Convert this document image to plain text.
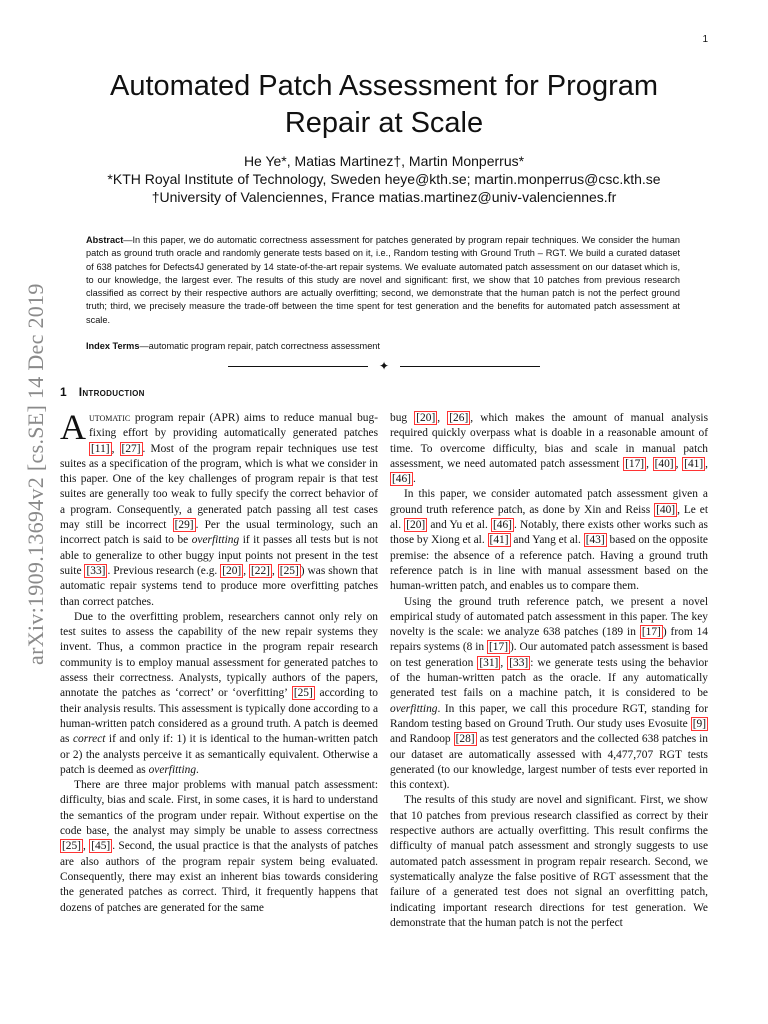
1
arXiv:1909.13694v2 [cs.SE] 14 Dec 2019
Automated Patch Assessment for Program
Repair at Scale
He Ye*, Matias Martinez†, Martin Monperrus*
*KTH Royal Institute of Technology, Sweden heye@kth.se; martin.monperrus@csc.kth.se
†University of Valenciennes, France matias.martinez@univ-valenciennes.fr

Abstract—In this paper, we do automatic correctness assessment for patches generated by program repair techniques. We consider the human patch as ground truth oracle and randomly generate tests based on it, i.e., Random testing with Ground Truth – RGT. We build a curated dataset of 638 patches for Defects4J generated by 14 state-of-the-art repair systems. We evaluate automated patch assessment on our dataset which is, to our knowledge, the largest ever. The results of this study are novel and significant: first, we show that 10 patches from previous research classified as correct by their respective authors are actually overfitting; second, we demonstrate that the human patch is not the perfect ground truth; third, we precisely measure the trade-off between the time spent for test generation and the benefits for automated patch assessment at scale.

Index Terms—automatic program repair, patch correctness assessment

✦
1 Introduction

Automatic program repair (APR) aims to reduce manual bug-fixing effort by providing automatically generated patches [11] , [27] . Most of the program repair techniques use test suites as a specification of the program, which is what we consider in this paper. One of the key challenges of program repair is that test suites are generally too weak to fully specify the correct behavior of a program. Consequently, a generated patch passing all test cases may still be incorrect [29] . Per the usual terminology, such an incorrect patch is said to be overfitting if it passes all tests but is not able to generalize to other buggy input points not present in the test suite [33] . Previous research (e.g. [20] , [22] , [25] ) was shown that automatic repair systems tend to produce more overfitting patches than correct patches.

Due to the overfitting problem, researchers cannot only rely on test suites to assess the capability of the new repair systems they invent. Thus, a common practice in the program repair research community is to employ manual assessment for generated patches to assess their correctness. Analysts, typically authors of the papers, annotate the patches as ‘correct’ or ‘overfitting’ [25] according to their analysis results. This assessment is typically done according to a human-written patch considered as a ground truth. A patch is deemed as correct if and only if: 1) it is identical to the human-written patch or 2) the analysts perceive it as semantically equivalent. Otherwise a patch is deemed as overfitting.

There are three major problems with manual patch assessment: difficulty, bias and scale. First, in some cases, it is hard to understand the semantics of the program under repair. Without expertise on the code base, the analyst may simply be unable to assess correctness [25] , [45] . Second, the usual practice is that the analysts of patches are also authors of the program repair system being evaluated. Consequently, there may exist an inherent bias towards considering the generated patches as correct. Third, it frequently happens that dozens of patches are generated for the same

bug [20] , [26] , which makes the amount of manual analysis required quickly overpass what is doable in a reasonable amount of time. To overcome difficulty, bias and scale in manual patch assessment, we need automated patch assessment [17] , [40] , [41] , [46] .

In this paper, we consider automated patch assessment given a ground truth reference patch, as done by Xin and Reiss [40] , Le et al. [20] and Yu et al. [46] . Notably, there exists other works such as those by Xiong et al. [41] and Yang et al. [43] based on the opposite premise: the absence of a reference patch. Having a ground truth reference patch is in line with manual assessment based on the human-written patch, and enables us to compare them.

Using the ground truth reference patch, we present a novel empirical study of automated patch assessment in this paper. The key novelty is the scale: we analyze 638 patches (189 in [17] ) from 14 repairs systems (8 in [17] ). Our automated patch assessment is based on test generation [31] , [33] : we generate tests using the behavior of the human-written patch as the oracle. If any automatically generated test fails on a machine patch, it is considered to be overfitting. In this paper, we call this procedure RGT, standing for Random testing based on Ground Truth. Our study uses Evosuite [9] and Randoop [28] as test generators and the collected 638 patches in our dataset are automatically assessed with 4,477,707 RGT tests generated (to our knowledge, largest number of tests ever reported in this context).

The results of this study are novel and significant. First, we show that 10 patches from previous research classified as correct by their respective authors are actually overfitting. This result confirms the difficulty of manual patch assessment and strongly suggests to use automated patch assessment in program repair research. Second, we systematically analyze the false positive of RGT assessment that the failure of a generated test does not signal an overfitting patch, indicating important research directions for test generation. We demonstrate that the human patch is not the perfect
